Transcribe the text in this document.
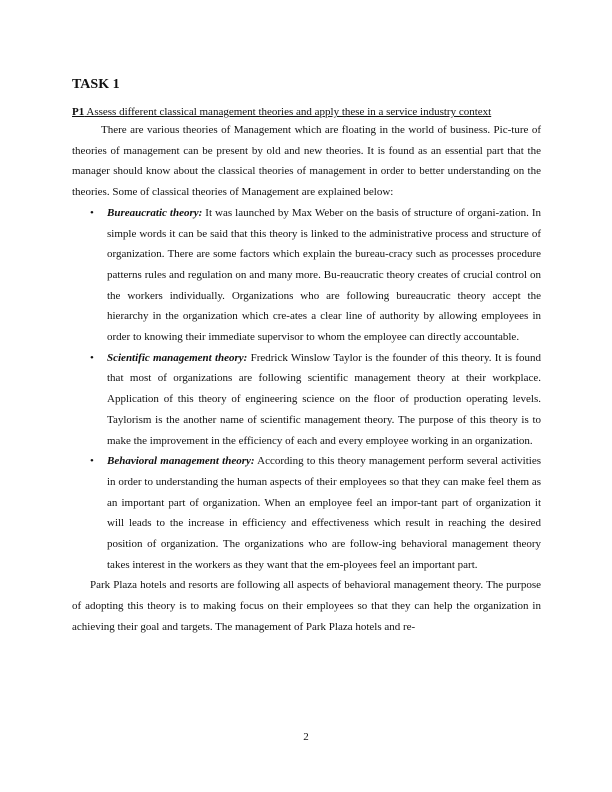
TASK 1
P1 Assess different classical management theories and apply these in a service industry context

There are various theories of Management which are floating in the world of business. Pic-ture of theories of management can be present by old and new theories. It is found as an essential part that the manager should know about the classical theories of management in order to better understanding on the theories. Some of classical theories of Management are explained below:

• Bureaucratic theory: It was launched by Max Weber on the basis of structure of organi-zation. In simple words it can be said that this theory is linked to the administrative process and structure of organization. There are some factors which explain the bureau-cracy such as processes procedure patterns rules and regulation on and many more. Bu-reaucratic theory creates of crucial control on the workers individually. Organizations who are following bureaucratic theory accept the hierarchy in the organization which cre-ates a clear line of authority by allowing employees in order to knowing their immediate supervisor to whom the employee can directly accountable.
• Scientific management theory: Fredrick Winslow Taylor is the founder of this theory. It is found that most of organizations are following scientific management theory at their workplace. Application of this theory of engineering science on the floor of production operating levels. Taylorism is the another name of scientific management theory. The purpose of this theory is to make the improvement in the efficiency of each and every employee working in an organization.
• Behavioral management theory: According to this theory management perform several activities in order to understanding the human aspects of their employees so that they can make feel them as an important part of organization. When an employee feel an impor-tant part of organization it will leads to the increase in efficiency and effectiveness which result in reaching the desired position of organization. The organizations who are follow-ing behavioral management theory takes interest in the workers as they want that the em-ployees feel an important part.

Park Plaza hotels and resorts are following all aspects of behavioral management theory. The purpose of adopting this theory is to making focus on their employees so that they can help the organization in achieving their goal and targets. The management of Park Plaza hotels and re-

2
